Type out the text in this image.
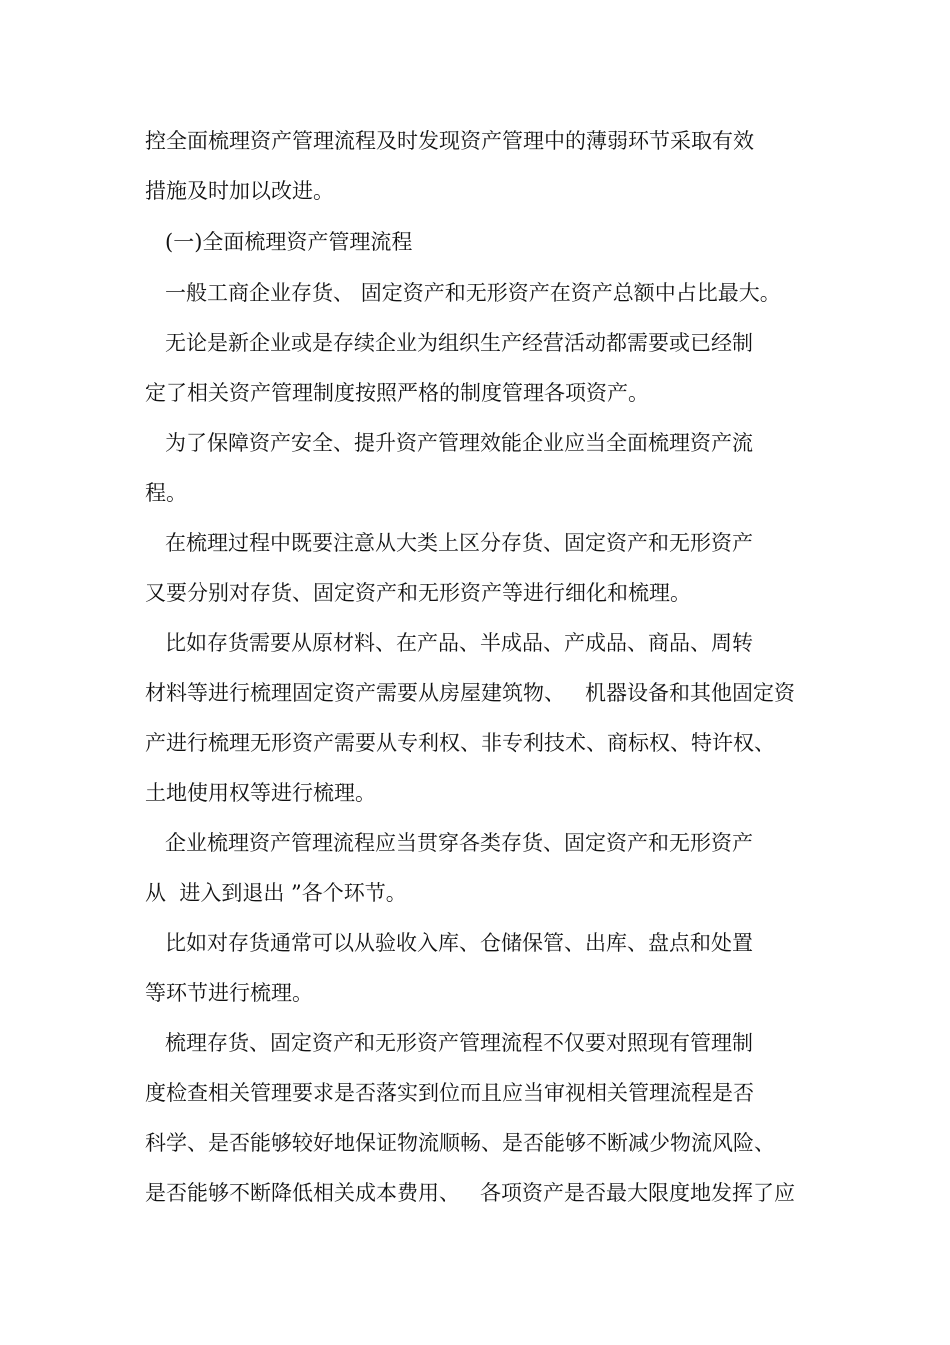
控全面梳理资产管理流程及时发现资产管理中的薄弱环节采取有效
措施及时加以改进。
(一)全面梳理资产管理流程
一般工商企业存货、 固定资产和无形资产在资产总额中占比最大。
无论是新企业或是存续企业为组织生产经营活动都需要或已经制
定了相关资产管理制度按照严格的制度管理各项资产。
为了保障资产安全、提升资产管理效能企业应当全面梳理资产流
程。
在梳理过程中既要注意从大类上区分存货、固定资产和无形资产
又要分别对存货、固定资产和无形资产等进行细化和梳理。
比如存货需要从原材料、在产品、半成品、产成品、商品、周转
材料等进行梳理固定资产需要从房屋建筑物、   机器设备和其他固定资
产进行梳理无形资产需要从专利权、非专利技术、商标权、特许权、
土地使用权等进行梳理。
企业梳理资产管理流程应当贯穿各类存货、固定资产和无形资产
从  进入到退出 ”各个环节。
比如对存货通常可以从验收入库、仓储保管、出库、盘点和处置
等环节进行梳理。
梳理存货、固定资产和无形资产管理流程不仅要对照现有管理制
度检查相关管理要求是否落实到位而且应当审视相关管理流程是否
科学、是否能够较好地保证物流顺畅、是否能够不断减少物流风险、
是否能够不断降低相关成本费用、   各项资产是否最大限度地发挥了应
